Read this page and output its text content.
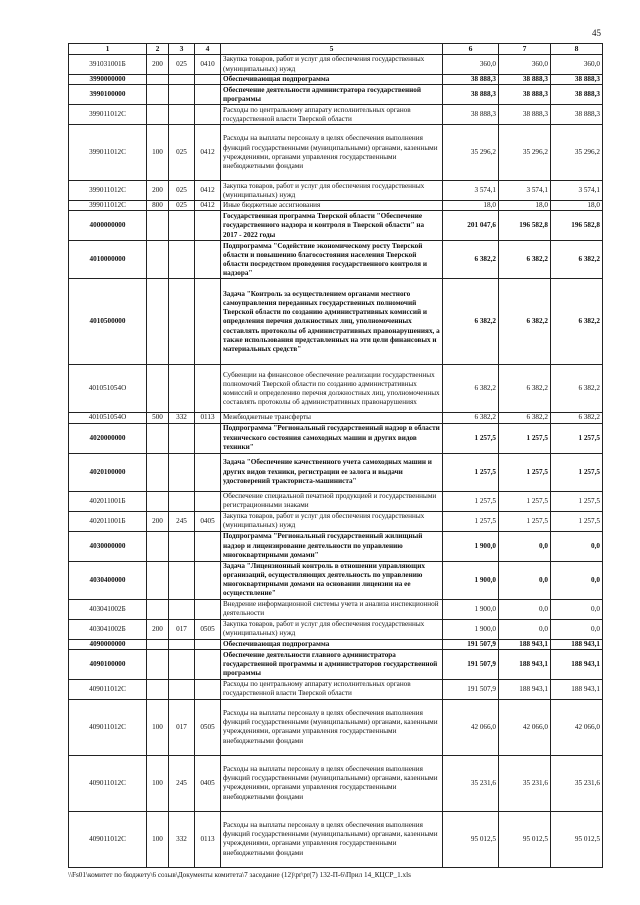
45
1	2	3	4	5	6	7	8
391031001Б	200	025	0410	Закупка товаров, работ и услуг для обеспечения государственных (муниципальных) нужд	360,0	360,0	360,0
3990000000				Обеспечивающая подпрограмма	38 888,3	38 888,3	38 888,3
3990100000				Обеспечение деятельности администратора государственной программы	38 888,3	38 888,3	38 888,3
399011012С				Расходы по центральному аппарату исполнительных органов государственной власти Тверской области	38 888,3	38 888,3	38 888,3
399011012С	100	025	0412	Расходы на выплаты персоналу в целях обеспечения выполнения функций государственными (муниципальными) органами, казенными учреждениями, органами управления государственными внебюджетными фондами	35 296,2	35 296,2	35 296,2
399011012С	200	025	0412	Закупка товаров, работ и услуг для обеспечения государственных (муниципальных) нужд	3 574,1	3 574,1	3 574,1
399011012С	800	025	0412	Иные бюджетные ассигнования	18,0	18,0	18,0
4000000000				Государственная программа Тверской области "Обеспечение государственного надзора и контроля в Тверской области" на 2017 - 2022 годы	201 047,6	196 582,8	196 582,8
4010000000				Подпрограмма "Содействие экономическому росту Тверской области и повышению благосостояния населения Тверской области посредством проведения государственного контроля и надзора"	6 382,2	6 382,2	6 382,2
4010500000				Задача "Контроль за осуществлением органами местного самоуправления переданных государственных полномочий Тверской области по созданию административных комиссий и определения перечня должностных лиц, уполномоченных составлять протоколы об административных правонарушениях, а также использования представленных на эти цели финансовых и материальных средств"	6 382,2	6 382,2	6 382,2
401051054О				Субвенции на финансовое обеспечение реализации государственных полномочий Тверской области по созданию административных комиссий и определению перечня должностных лиц, уполномоченных составлять протоколы об административных правонарушениях	6 382,2	6 382,2	6 382,2
401051054О	500	332	0113	Межбюджетные трансферты	6 382,2	6 382,2	6 382,2
4020000000				Подпрограмма "Региональный государственный надзор в области технического состояния самоходных машин и других видов техники"	1 257,5	1 257,5	1 257,5
4020100000				Задача "Обеспечение качественного учета самоходных машин и других видов техники, регистрации ее залога и выдачи удостоверений тракториста-машиниста"	1 257,5	1 257,5	1 257,5
402011001Б				Обеспечение специальной печатной продукцией и государственными регистрационными знаками	1 257,5	1 257,5	1 257,5
402011001Б	200	245	0405	Закупка товаров, работ и услуг для обеспечения государственных (муниципальных) нужд	1 257,5	1 257,5	1 257,5
4030000000				Подпрограмма "Региональный государственный жилищный надзор и лицензирование деятельности по управлению многоквартирными домами"	1 900,0	0,0	0,0
4030400000				Задача "Лицензионный контроль в отношении управляющих организаций, осуществляющих деятельность по управлению многоквартирными домами на основании лицензии на ее осуществление"	1 900,0	0,0	0,0
403041002Б				Внедрение информационной системы учета и анализа инспекционной деятельности	1 900,0	0,0	0,0
403041002Б	200	017	0505	Закупка товаров, работ и услуг для обеспечения государственных (муниципальных) нужд	1 900,0	0,0	0,0
4090000000				Обеспечивающая подпрограмма	191 507,9	188 943,1	188 943,1
4090100000				Обеспечение деятельности главного администратора государственной программы и администраторов государственной программы	191 507,9	188 943,1	188 943,1
409011012С				Расходы по центральному аппарату исполнительных органов государственной власти Тверской области	191 507,9	188 943,1	188 943,1
409011012С	100	017	0505	Расходы на выплаты персоналу в целях обеспечения выполнения функций государственными (муниципальными) органами, казенными учреждениями, органами управления государственными внебюджетными фондами	42 066,0	42 066,0	42 066,0
409011012С	100	245	0405	Расходы на выплаты персоналу в целях обеспечения выполнения функций государственными (муниципальными) органами, казенными учреждениями, органами управления государственными внебюджетными фондами	35 231,6	35 231,6	35 231,6
409011012С	100	332	0113	Расходы на выплаты персоналу в целях обеспечения выполнения функций государственными (муниципальными) органами, казенными учреждениями, органами управления государственными внебюджетными фондами	95 012,5	95 012,5	95 012,5
\\Fs01\комитет по бюджету\6 созыв\Документы комитета\7 заседание (12)\pr\pr(7) 132-П-6\Прил 14_КЦСР_1.xls
